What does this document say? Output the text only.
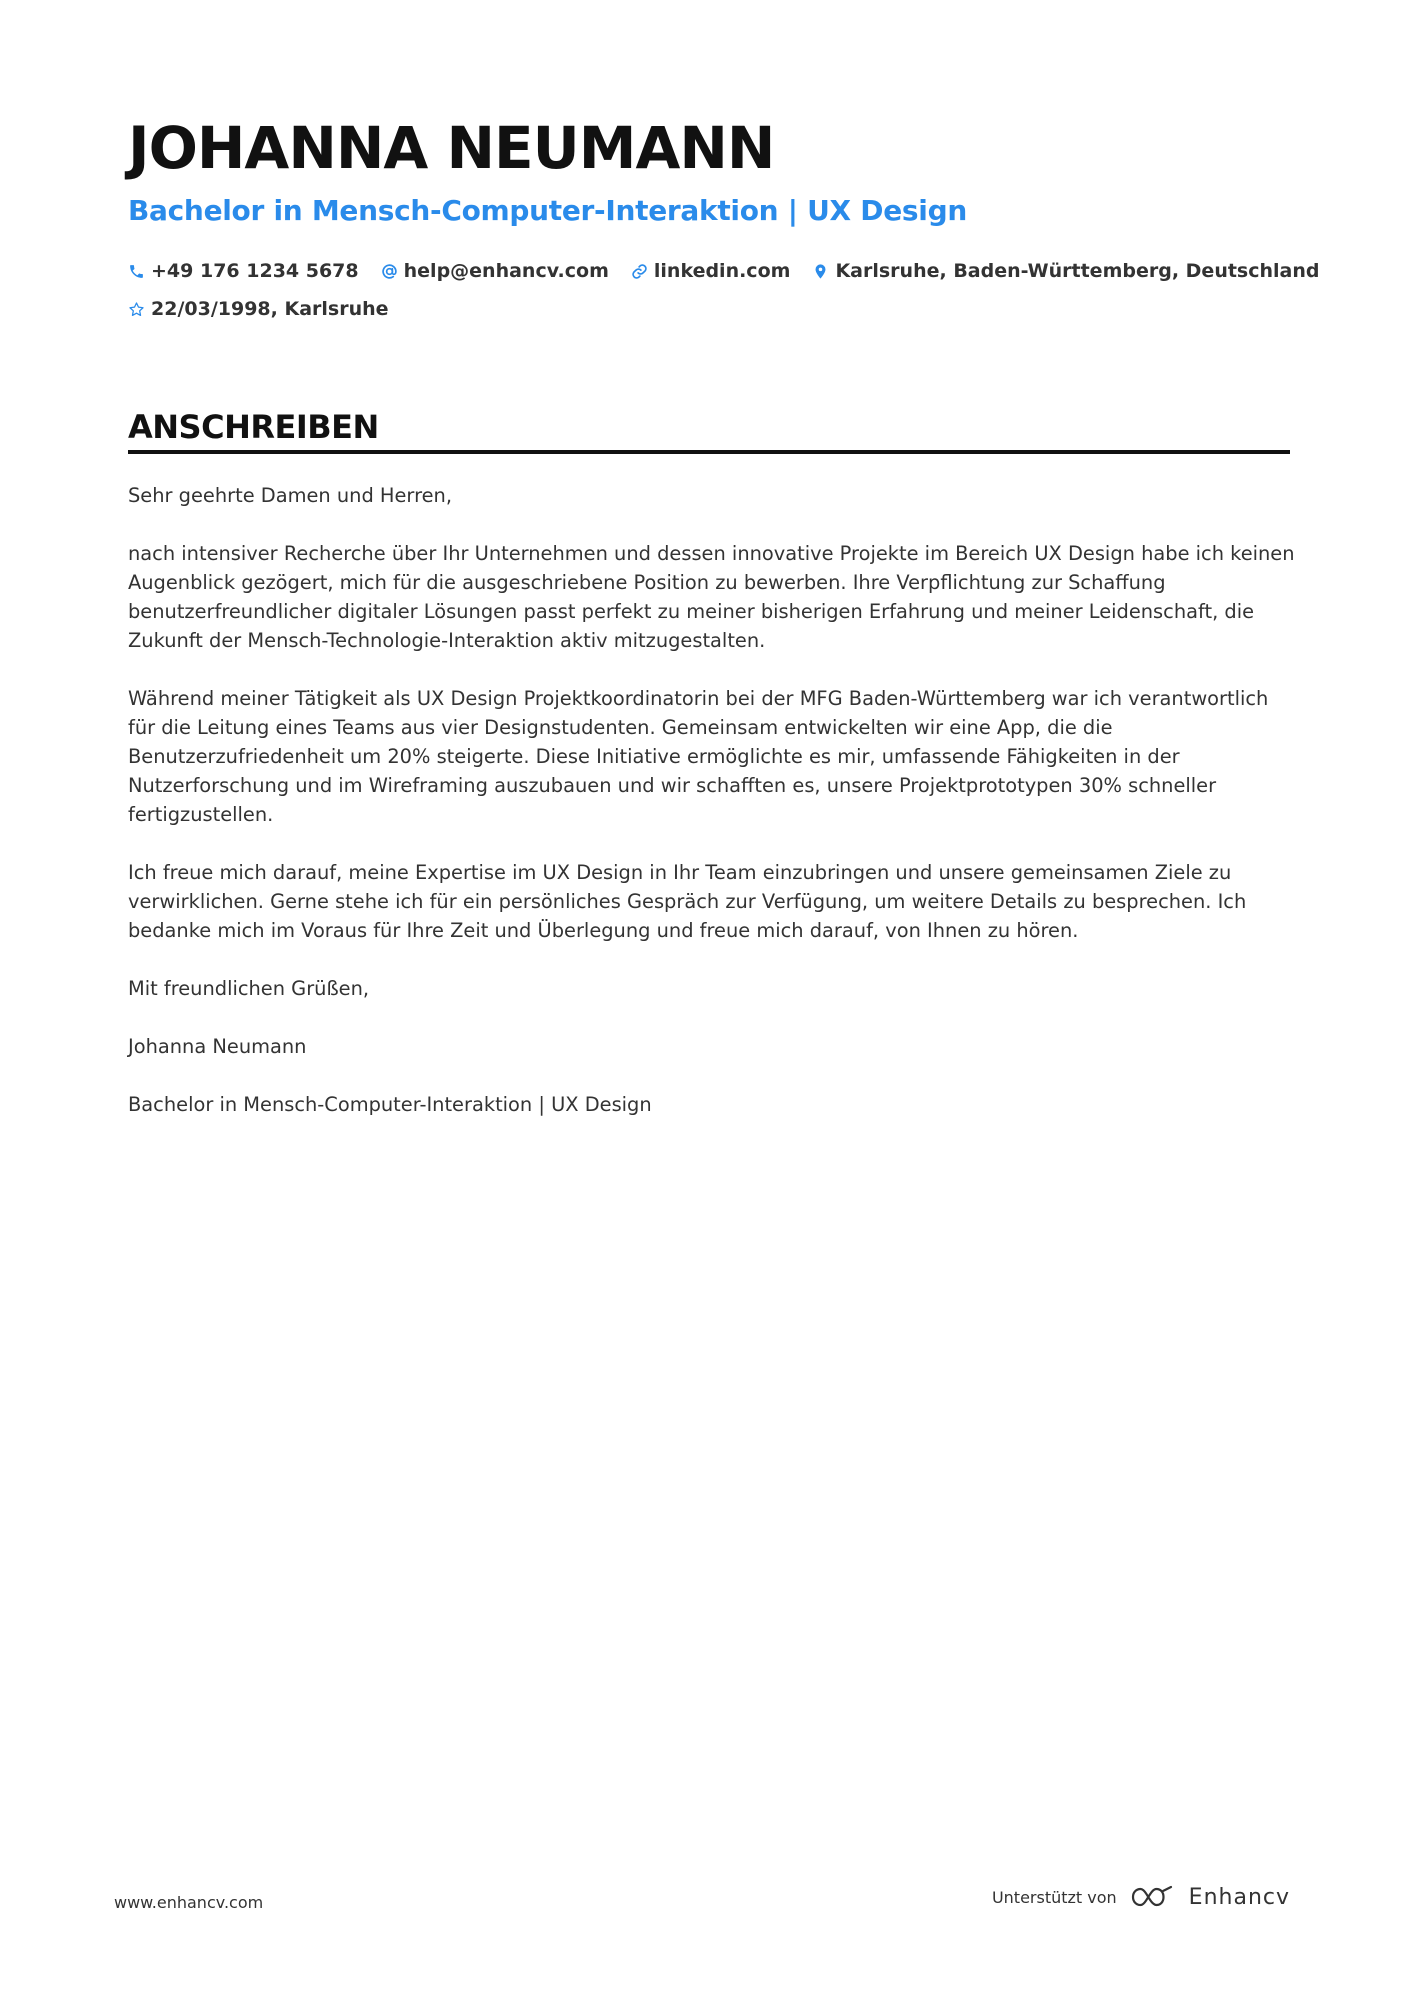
JOHANNA NEUMANN
Bachelor in Mensch-Computer-Interaktion | UX Design
+49 176 1234 5678 help@enhancv.com linkedin.com Karlsruhe, Baden-Württemberg, Deutschland
22/03/1998, Karlsruhe
ANSCHREIBEN

Sehr geehrte Damen und Herren,

nach intensiver Recherche über Ihr Unternehmen und dessen innovative Projekte im Bereich UX Design habe ich keinen Augenblick gezögert, mich für die ausgeschriebene Position zu bewerben. Ihre Verpflichtung zur Schaffung benutzerfreundlicher digitaler Lösungen passt perfekt zu meiner bisherigen Erfahrung und meiner Leidenschaft, die Zukunft der Mensch-Technologie-Interaktion aktiv mitzugestalten.

Während meiner Tätigkeit als UX Design Projektkoordinatorin bei der MFG Baden-Württemberg war ich verantwortlich für die Leitung eines Teams aus vier Designstudenten. Gemeinsam entwickelten wir eine App, die die Benutzerzufriedenheit um 20% steigerte. Diese Initiative ermöglichte es mir, umfassende Fähigkeiten in der Nutzerforschung und im Wireframing auszubauen und wir schafften es, unsere Projektprototypen 30% schneller fertigzustellen.

Ich freue mich darauf, meine Expertise im UX Design in Ihr Team einzubringen und unsere gemeinsamen Ziele zu verwirklichen. Gerne stehe ich für ein persönliches Gespräch zur Verfügung, um weitere Details zu besprechen. Ich bedanke mich im Voraus für Ihre Zeit und Überlegung und freue mich darauf, von Ihnen zu hören.

Mit freundlichen Grüßen,

Johanna Neumann

Bachelor in Mensch-Computer-Interaktion | UX Design

www.enhancv.com	Unterstützt von	Enhancv
